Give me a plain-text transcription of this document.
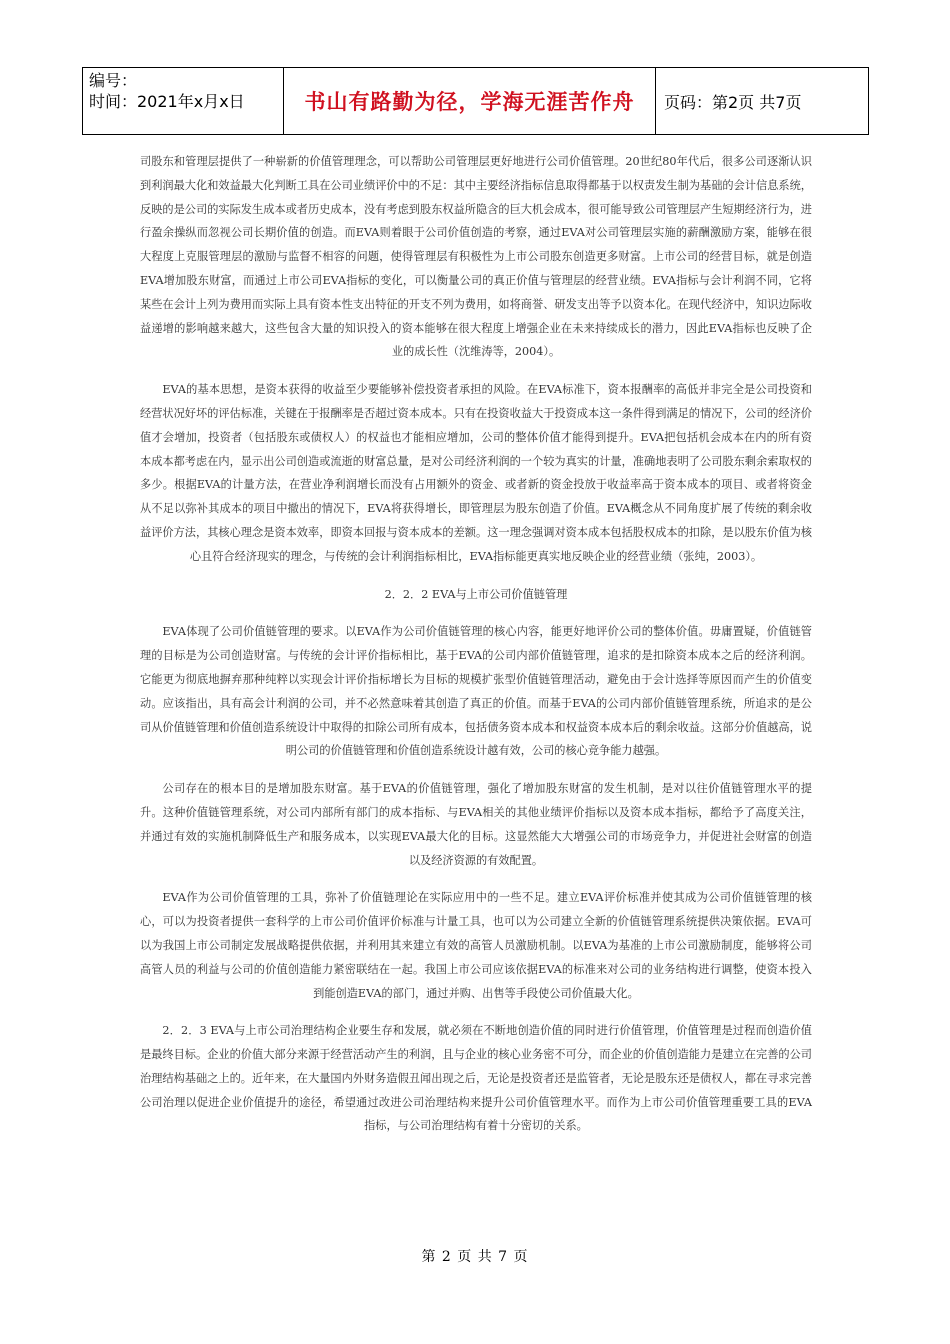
编号：
时间：2021年x月x日	书山有路勤为径，学海无涯苦作舟	页码：第2页 共7页

司股东和管理层提供了一种崭新的价值管理理念，可以帮助公司管理层更好地进行公司价值管理。20世纪80年代后，很多公司逐渐认识到利润最大化和效益最大化判断工具在公司业绩评价中的不足：其中主要经济指标信息取得都基于以权责发生制为基础的会计信息系统，反映的是公司的实际发生成本或者历史成本，没有考虑到股东权益所隐含的巨大机会成本，很可能导致公司管理层产生短期经济行为，进行盈余操纵而忽视公司长期价值的创造。而EVA则着眼于公司价值创造的考察，通过EVA对公司管理层实施的薪酬激励方案，能够在很大程度上克服管理层的激励与监督不相容的问题，使得管理层有积极性为上市公司股东创造更多财富。上市公司的经营目标，就是创造EVA增加股东财富，而通过上市公司EVA指标的变化，可以衡量公司的真正价值与管理层的经营业绩。EVA指标与会计利润不同，它将某些在会计上列为费用而实际上具有资本性支出特征的开支不列为费用，如将商誉、研发支出等予以资本化。在现代经济中，知识边际收益递增的影响越来越大，这些包含大量的知识投入的资本能够在很大程度上增强企业在未来持续成长的潜力，因此EVA指标也反映了企业的成长性（沈维涛等，2004）。

EVA的基本思想，是资本获得的收益至少要能够补偿投资者承担的风险。在EVA标准下，资本报酬率的高低并非完全是公司投资和经营状况好坏的评估标准，关键在于报酬率是否超过资本成本。只有在投资收益大于投资成本这一条件得到满足的情况下，公司的经济价值才会增加，投资者（包括股东或债权人）的权益也才能相应增加，公司的整体价值才能得到提升。EVA把包括机会成本在内的所有资本成本都考虑在内，显示出公司创造或流逝的财富总量，是对公司经济利润的一个较为真实的计量，准确地表明了公司股东剩余索取权的多少。根据EVA的计量方法，在营业净利润增长而没有占用额外的资金、或者新的资金投放于收益率高于资本成本的项目、或者将资金从不足以弥补其成本的项目中撤出的情况下，EVA将获得增长，即管理层为股东创造了价值。EVA概念从不同角度扩展了传统的剩余收益评价方法，其核心理念是资本效率，即资本回报与资本成本的差额。这一理念强调对资本成本包括股权成本的扣除，是以股东价值为核心且符合经济现实的理念，与传统的会计利润指标相比，EVA指标能更真实地反映企业的经营业绩（张纯，2003）。

2．2．2 EVA与上市公司价值链管理

EVA体现了公司价值链管理的要求。以EVA作为公司价值链管理的核心内容，能更好地评价公司的整体价值。毋庸置疑，价值链管理的目标是为公司创造财富。与传统的会计评价指标相比，基于EVA的公司内部价值链管理，追求的是扣除资本成本之后的经济利润。它能更为彻底地摒弃那种纯粹以实现会计评价指标增长为目标的规模扩张型价值链管理活动，避免由于会计选择等原因而产生的价值变动。应该指出，具有高会计利润的公司，并不必然意味着其创造了真正的价值。而基于EVA的公司内部价值链管理系统，所追求的是公司从价值链管理和价值创造系统设计中取得的扣除公司所有成本，包括债务资本成本和权益资本成本后的剩余收益。这部分价值越高，说明公司的价值链管理和价值创造系统设计越有效，公司的核心竞争能力越强。

公司存在的根本目的是增加股东财富。基于EVA的价值链管理，强化了增加股东财富的发生机制，是对以往价值链管理水平的提升。这种价值链管理系统，对公司内部所有部门的成本指标、与EVA相关的其他业绩评价指标以及资本成本指标，都给予了高度关注，并通过有效的实施机制降低生产和服务成本，以实现EVA最大化的目标。这显然能大大增强公司的市场竞争力，并促进社会财富的创造以及经济资源的有效配置。

EVA作为公司价值管理的工具，弥补了价值链理论在实际应用中的一些不足。建立EVA评价标准并使其成为公司价值链管理的核心，可以为投资者提供一套科学的上市公司价值评价标准与计量工具，也可以为公司建立全新的价值链管理系统提供决策依据。EVA可以为我国上市公司制定发展战略提供依据，并利用其来建立有效的高管人员激励机制。以EVA为基准的上市公司激励制度，能够将公司高管人员的利益与公司的价值创造能力紧密联结在一起。我国上市公司应该依据EVA的标准来对公司的业务结构进行调整，使资本投入到能创造EVA的部门，通过并购、出售等手段使公司价值最大化。

2．2．3 EVA与上市公司治理结构企业要生存和发展，就必须在不断地创造价值的同时进行价值管理，价值管理是过程而创造价值是最终目标。企业的价值大部分来源于经营活动产生的利润，且与企业的核心业务密不可分，而企业的价值创造能力是建立在完善的公司治理结构基础之上的。近年来，在大量国内外财务造假丑闻出现之后，无论是投资者还是监管者，无论是股东还是债权人，都在寻求完善公司治理以促进企业价值提升的途径，希望通过改进公司治理结构来提升公司价值管理水平。而作为上市公司价值管理重要工具的EVA指标，与公司治理结构有着十分密切的关系。

第 2 页 共 7 页
